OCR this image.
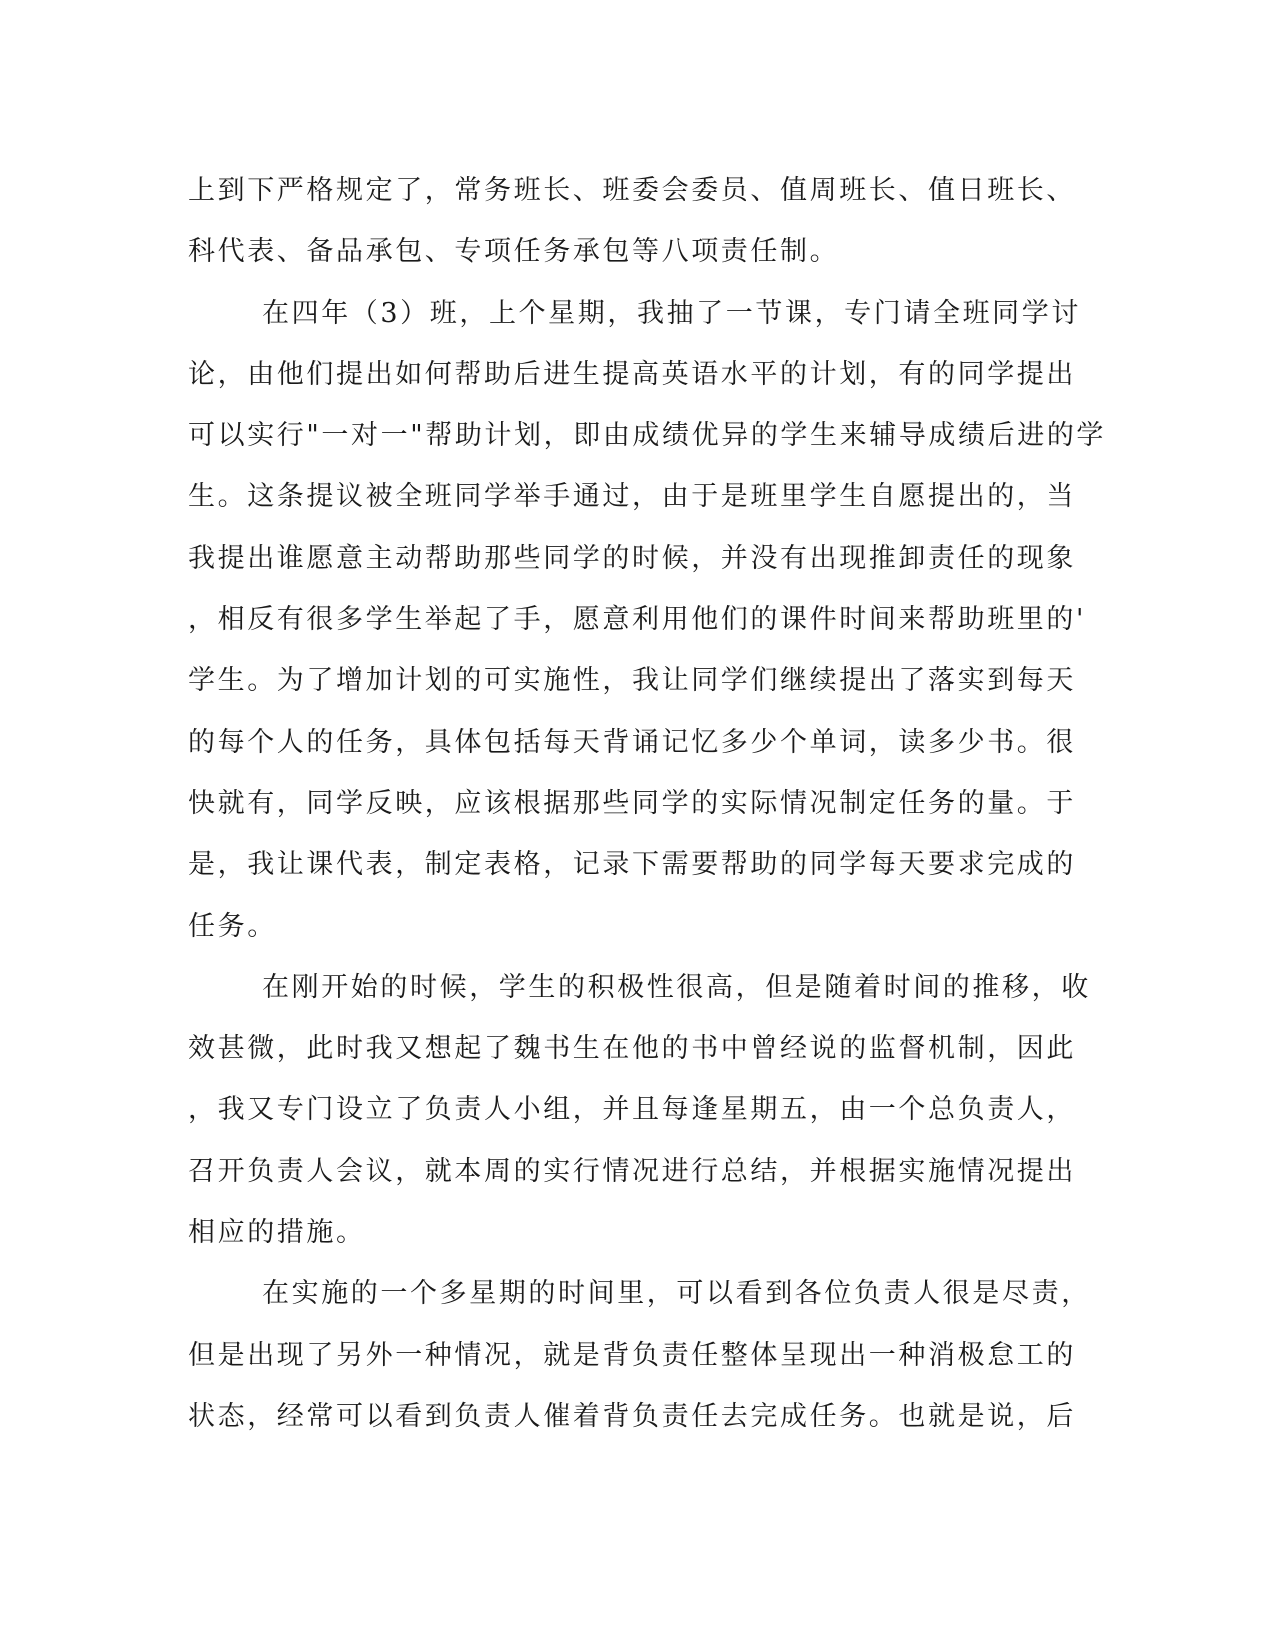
上到下严格规定了，常务班长、班委会委员、值周班长、值日班长、
科代表、备品承包、专项任务承包等八项责任制。
在四年（3）班，上个星期，我抽了一节课，专门请全班同学讨
论，由他们提出如何帮助后进生提高英语水平的计划，有的同学提出
可以实行"一对一"帮助计划，即由成绩优异的学生来辅导成绩后进的学
生。这条提议被全班同学举手通过，由于是班里学生自愿提出的，当
我提出谁愿意主动帮助那些同学的时候，并没有出现推卸责任的现象
，相反有很多学生举起了手，愿意利用他们的课件时间来帮助班里的'
学生。为了增加计划的可实施性，我让同学们继续提出了落实到每天
的每个人的任务，具体包括每天背诵记忆多少个单词，读多少书。很
快就有，同学反映，应该根据那些同学的实际情况制定任务的量。于
是，我让课代表，制定表格，记录下需要帮助的同学每天要求完成的
任务。
在刚开始的时候，学生的积极性很高，但是随着时间的推移，收
效甚微，此时我又想起了魏书生在他的书中曾经说的监督机制，因此
，我又专门设立了负责人小组，并且每逢星期五，由一个总负责人，
召开负责人会议，就本周的实行情况进行总结，并根据实施情况提出
相应的措施。
在实施的一个多星期的时间里，可以看到各位负责人很是尽责，
但是出现了另外一种情况，就是背负责任整体呈现出一种消极怠工的
状态，经常可以看到负责人催着背负责任去完成任务。也就是说，后
